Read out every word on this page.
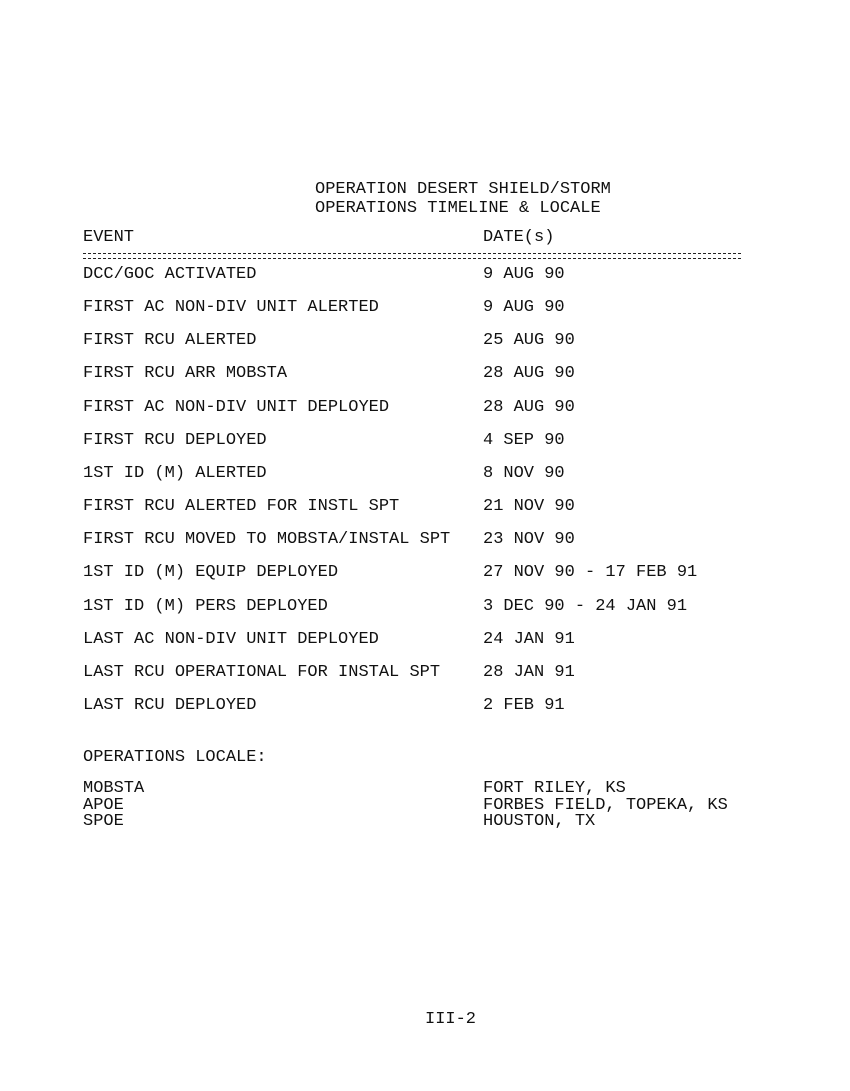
OPERATION DESERT SHIELD/STORM
OPERATIONS TIMELINE & LOCALE
EVENT	DATE(s)
DCC/GOC ACTIVATED	9 AUG 90
FIRST AC NON-DIV UNIT ALERTED	9 AUG 90
FIRST RCU ALERTED	25 AUG 90
FIRST RCU ARR MOBSTA	28 AUG 90
FIRST AC NON-DIV UNIT DEPLOYED	28 AUG 90
FIRST RCU DEPLOYED	4 SEP 90
1ST ID (M) ALERTED	8 NOV 90
FIRST RCU ALERTED FOR INSTL SPT	21 NOV 90
FIRST RCU MOVED TO MOBSTA/INSTAL SPT 23 NOV 90
1ST ID (M) EQUIP DEPLOYED	27 NOV 90 - 17 FEB 91
1ST ID (M) PERS DEPLOYED	3 DEC 90 - 24 JAN 91
LAST AC NON-DIV UNIT DEPLOYED	24 JAN 91
LAST RCU OPERATIONAL FOR INSTAL SPT	28 JAN 91
LAST RCU DEPLOYED	2 FEB 91
OPERATIONS LOCALE:
MOBSTA	FORT RILEY, KS
APOE	FORBES FIELD, TOPEKA, KS
SPOE	HOUSTON, TX
III-2
